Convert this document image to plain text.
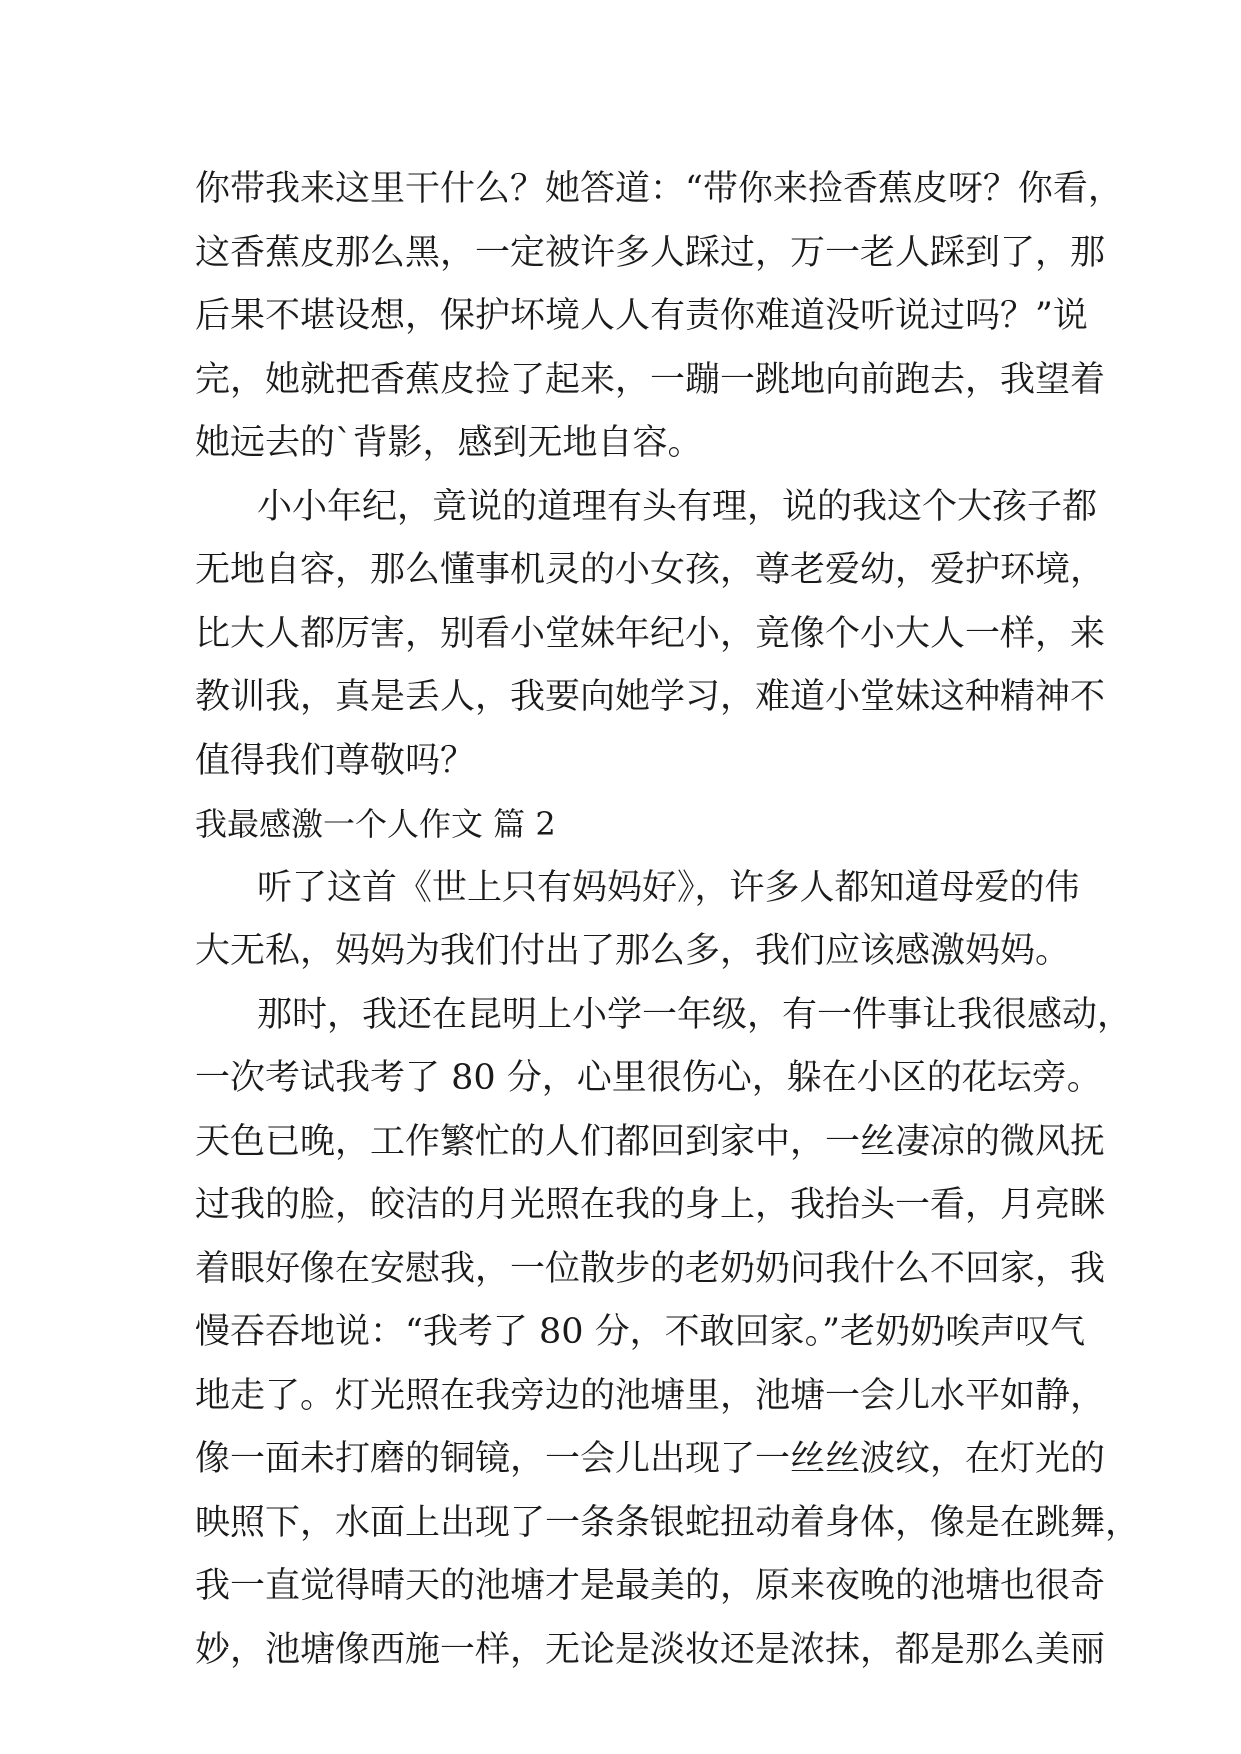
你带我来这里干什么？她答道：“带你来捡香蕉皮呀？你看，
这香蕉皮那么黑，一定被许多人踩过，万一老人踩到了，那
后果不堪设想，保护坏境人人有责你难道没听说过吗？”说
完，她就把香蕉皮捡了起来，一蹦一跳地向前跑去，我望着
她远去的`背影，感到无地自容。
小小年纪，竟说的道理有头有理，说的我这个大孩子都
无地自容，那么懂事机灵的小女孩，尊老爱幼，爱护环境，
比大人都厉害，别看小堂妹年纪小，竟像个小大人一样，来
教训我，真是丢人，我要向她学习，难道小堂妹这种精神不
值得我们尊敬吗？
我最感激一个人作文 篇 2
听了这首《世上只有妈妈好》，许多人都知道母爱的伟
大无私，妈妈为我们付出了那么多，我们应该感激妈妈。
那时，我还在昆明上小学一年级，有一件事让我很感动，
一次考试我考了 80 分，心里很伤心，躲在小区的花坛旁。
天色已晚，工作繁忙的人们都回到家中，一丝凄凉的微风抚
过我的脸，皎洁的月光照在我的身上，我抬头一看，月亮眯
着眼好像在安慰我，一位散步的老奶奶问我什么不回家，我
慢吞吞地说：“我考了 80 分，不敢回家。”老奶奶唉声叹气
地走了。灯光照在我旁边的池塘里，池塘一会儿水平如静，
像一面未打磨的铜镜，一会儿出现了一丝丝波纹，在灯光的
映照下，水面上出现了一条条银蛇扭动着身体，像是在跳舞，
我一直觉得晴天的池塘才是最美的，原来夜晚的池塘也很奇
妙，池塘像西施一样，无论是淡妆还是浓抹，都是那么美丽
